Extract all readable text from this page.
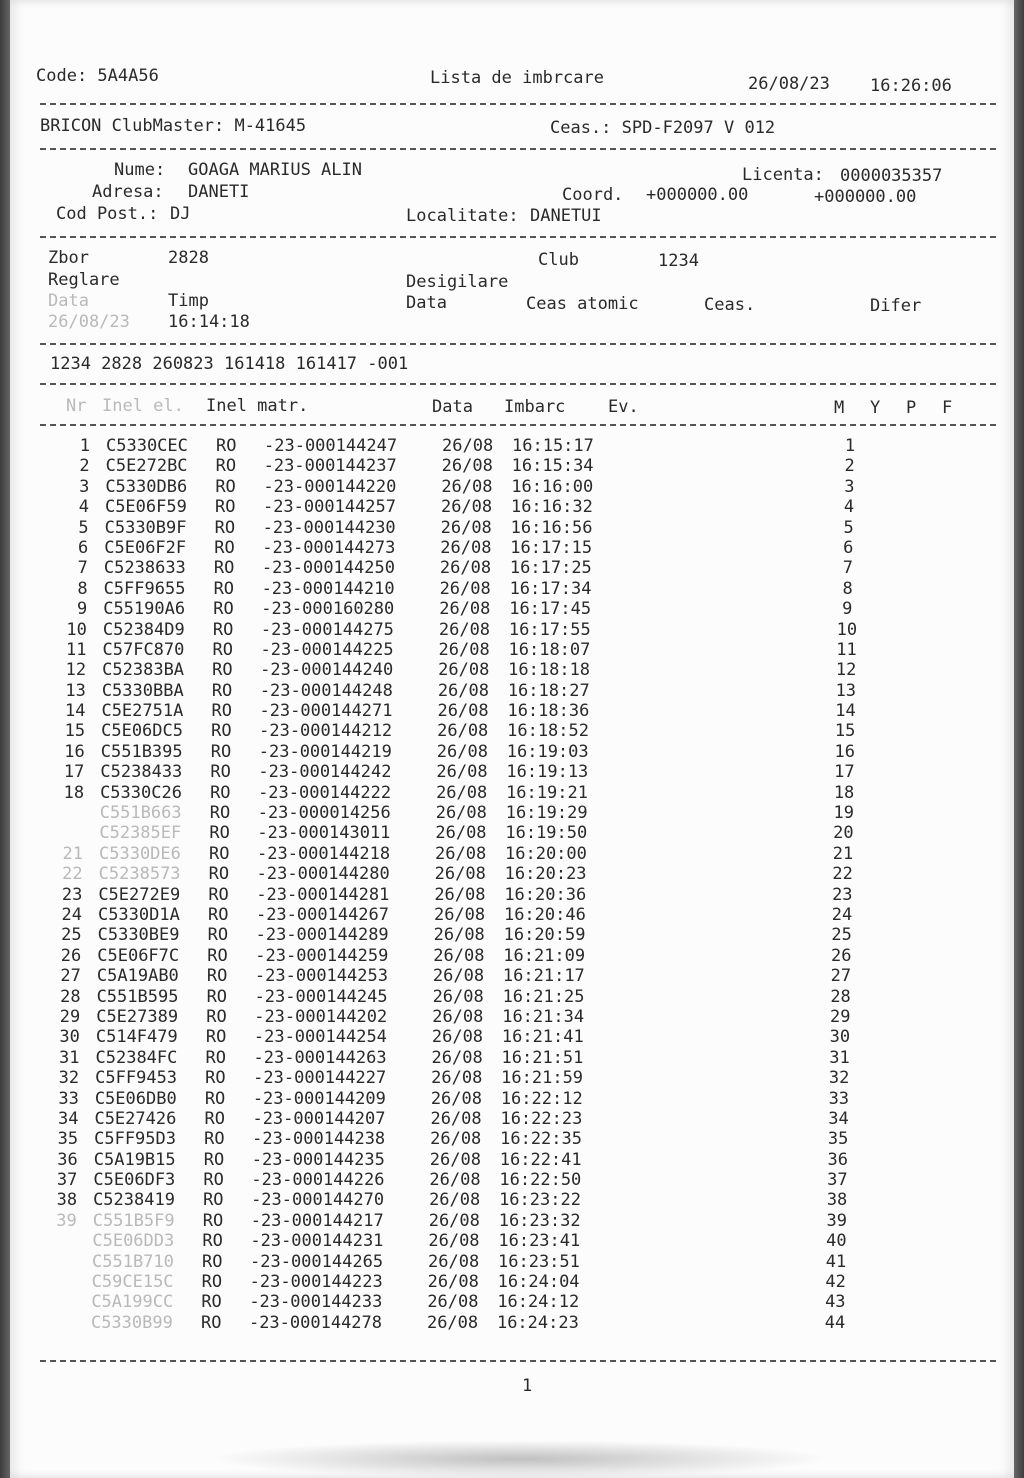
Code: 5A4A56	Lista de imbrcare	26/08/23 16:26:06
BRICON ClubMaster: M-41645	Ceas.: SPD-F2097 V 012
Nume: GOAGA MARIUS ALIN	Licenta: 0000035357
Adresa: DANETI	Coord. +000000.00	+000000.00
Cod Post.: DJ	Localitate: DANETUI
Zbor	2828	Club	1234
Reglare	Desigilare
Data	Timp	Data	Ceas atomic	Ceas.	Difer
26/08/23 16:14:18
1234 2828 260823 161418 161417 -001
Nr Inel el. Inel matr.	Data Imbarc	Ev.	M Y P F
1 C5330CEC RO -23-000144247	26/08 16:15:17	1
2 C5E272BC RO -23-000144237	26/08 16:15:34	2
3 C5330DB6 RO -23-000144220	26/08 16:16:00	3
4 C5E06F59 RO -23-000144257	26/08 16:16:32	4
5 C5330B9F RO -23-000144230	26/08 16:16:56	5
6 C5E06F2F RO -23-000144273	26/08 16:17:15	6
7 C5238633 RO -23-000144250	26/08 16:17:25	7
8 C5FF9655 RO -23-000144210	26/08 16:17:34	8
9 C55190A6 RO -23-000160280	26/08 16:17:45	9
10 C52384D9 RO -23-000144275	26/08 16:17:55	10
11 C57FC870 RO -23-000144225	26/08 16:18:07	11
12 C52383BA RO -23-000144240	26/08 16:18:18	12
13 C5330BBA RO -23-000144248	26/08 16:18:27	13
14 C5E2751A RO -23-000144271	26/08 16:18:36	14
15 C5E06DC5 RO -23-000144212	26/08 16:18:52	15
16 C551B395 RO -23-000144219	26/08 16:19:03	16
17 C5238433 RO -23-000144242	26/08 16:19:13	17
18 C5330C26 RO -23-000144222	26/08 16:19:21	18
C551B663 RO -23-000014256	26/08 16:19:29	19
C52385EF RO -23-000143011	26/08 16:19:50	20
21 C5330DE6 RO -23-000144218	26/08 16:20:00	21
22 C5238573 RO -23-000144280	26/08 16:20:23	22
23 C5E272E9 RO -23-000144281	26/08 16:20:36	23
24 C5330D1A RO -23-000144267	26/08 16:20:46	24
25 C5330BE9 RO -23-000144289	26/08 16:20:59	25
26 C5E06F7C RO -23-000144259	26/08 16:21:09	26
27 C5A19AB0 RO -23-000144253	26/08 16:21:17	27
28 C551B595 RO -23-000144245	26/08 16:21:25	28
29 C5E27389 RO -23-000144202	26/08 16:21:34	29
30 C514F479 RO -23-000144254	26/08 16:21:41	30
31 C52384FC RO -23-000144263	26/08 16:21:51	31
32 C5FF9453 RO -23-000144227	26/08 16:21:59	32
33 C5E06DB0 RO -23-000144209	26/08 16:22:12	33
34 C5E27426 RO -23-000144207	26/08 16:22:23	34
35 C5FF95D3 RO -23-000144238	26/08 16:22:35	35
36 C5A19B15 RO -23-000144235	26/08 16:22:41	36
37 C5E06DF3 RO -23-000144226	26/08 16:22:50	37
38 C5238419 RO -23-000144270	26/08 16:23:22	38
39 C551B5F9 RO -23-000144217	26/08 16:23:32	39
C5E06DD3 RO -23-000144231	26/08 16:23:41	40
C551B710 RO -23-000144265	26/08 16:23:51	41
C59CE15C RO -23-000144223	26/08 16:24:04	42
C5A199CC RO -23-000144233	26/08 16:24:12	43
C5330B99 RO -23-000144278	26/08 16:24:23	44
1
